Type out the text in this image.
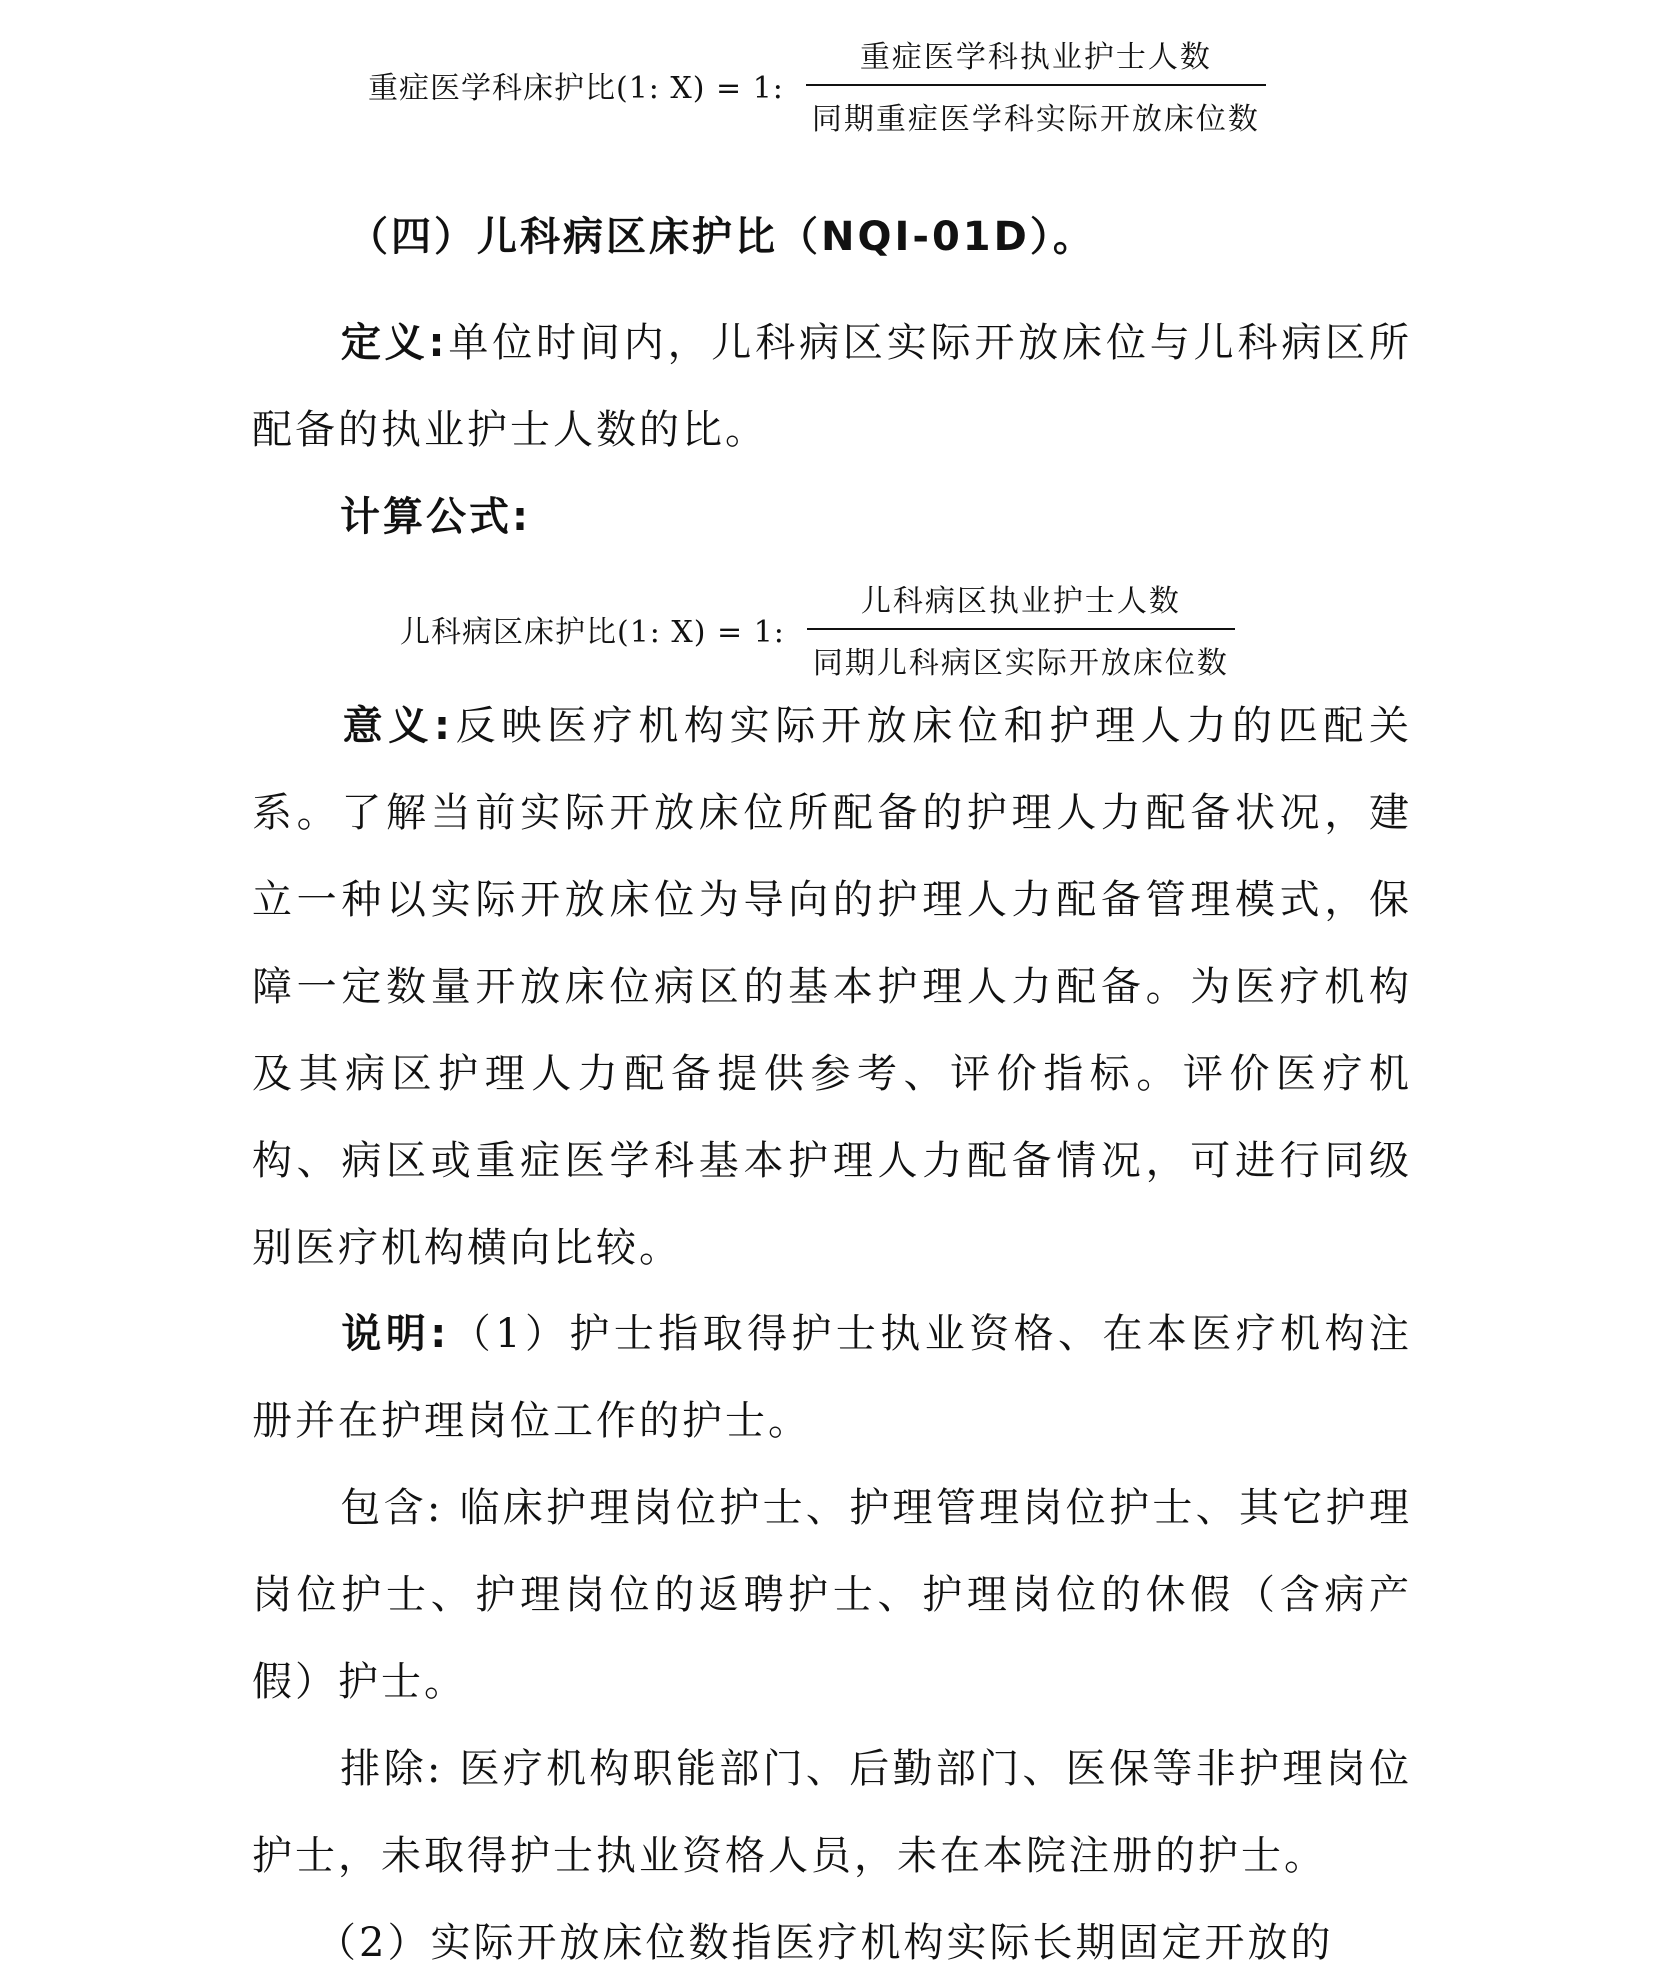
重症医学科床护比(1: X) = 1: $\frac{\text{重症医学科执业护士人数}}{\text{同期重症医学科实际开放床位数}}$
（四）儿科病区床护比（NQI-01D）。
定义:单位时间内，儿科病区实际开放床位与儿科病区所配备的执业护士人数的比。
计算公式:
儿科病区床护比(1: X) = 1: $\frac{\text{儿科病区执业护士人数}}{\text{同期儿科病区实际开放床位数}}$
意义:反映医疗机构实际开放床位和护理人力的匹配关系。了解当前实际开放床位所配备的护理人力配备状况，建立一种以实际开放床位为导向的护理人力配备管理模式，保障一定数量开放床位病区的基本护理人力配备。为医疗机构及其病区护理人力配备提供参考、评价指标。评价医疗机构、病区或重症医学科基本护理人力配备情况，可进行同级别医疗机构横向比较。
说明:（1）护士指取得护士执业资格、在本医疗机构注册并在护理岗位工作的护士。
包含: 临床护理岗位护士、护理管理岗位护士、其它护理岗位护士、护理岗位的返聘护士、护理岗位的休假（含病产假）护士。
排除: 医疗机构职能部门、后勤部门、医保等非护理岗位护士，未取得护士执业资格人员，未在本院注册的护士。
（2）实际开放床位数指医疗机构实际长期固定开放的
